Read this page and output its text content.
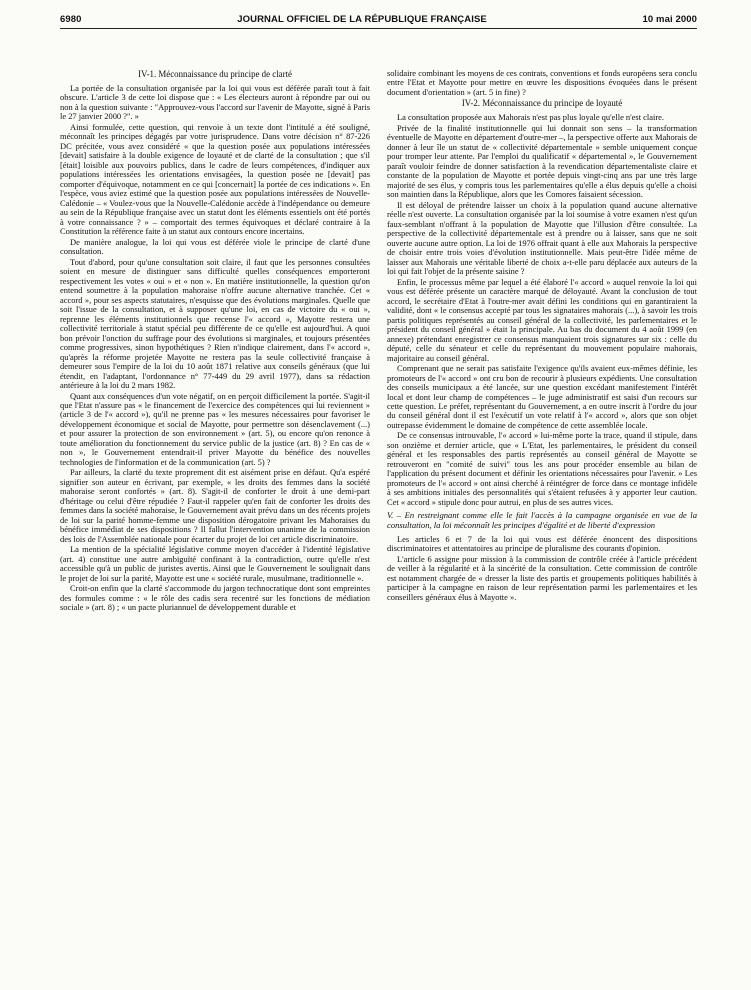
6980	JOURNAL OFFICIEL DE LA RÉPUBLIQUE FRANÇAISE	10 mai 2000
IV-1. Méconnaissance du principe de clarté

La portée de la consultation organisée par la loi qui vous est déférée paraît tout à fait obscure. L'article 3 de cette loi dispose que : « Les électeurs auront à répondre par oui ou non à la question suivante : "Approuvez-vous l'accord sur l'avenir de Mayotte, signé à Paris le 27 janvier 2000 ?". »

Ainsi formulée, cette question, qui renvoie à un texte dont l'intitulé a été souligné, méconnaît les principes dégagés par votre jurisprudence. Dans votre décision n° 87-226 DC précitée, vous avez considéré « que la question posée aux populations intéressées [devait] satisfaire à la double exigence de loyauté et de clarté de la consultation ; que s'il [était] loisible aux pouvoirs publics, dans le cadre de leurs compétences, d'indiquer aux populations intéressées les orientations envisagées, la question posée ne [devait] pas comporter d'équivoque, notamment en ce qui [concernait] la portée de ces indications ». En l'espèce, vous aviez estimé que la question posée aux populations intéressées de Nouvelle-Calédonie – « Voulez-vous que la Nouvelle-Calédonie accède à l'indépendance ou demeure au sein de la République française avec un statut dont les éléments essentiels ont été portés à votre connaissance ? » – comportait des termes équivoques et déclaré contraire à la Constitution la référence faite à un statut aux contours encore incertains.

De manière analogue, la loi qui vous est déférée viole le principe de clarté d'une consultation.

Tout d'abord, pour qu'une consultation soit claire, il faut que les personnes consultées soient en mesure de distinguer sans difficulté quelles conséquences emporteront respectivement les votes « oui » et « non ». En matière institutionnelle, la question qu'on entend soumettre à la population mahoraise n'offre aucune alternative tranchée. Cet « accord », pour ses aspects statutaires, n'esquisse que des évolutions marginales. Quelle que soit l'issue de la consultation, et à supposer qu'une loi, en cas de victoire du « oui », reprenne les éléments institutionnels que recense l'« accord », Mayotte restera une collectivité territoriale à statut spécial peu différente de ce qu'elle est aujourd'hui. A quoi bon prévoir l'onction du suffrage pour des évolutions si marginales, et toujours présentées comme progressives, sinon hypothétiques ? Rien n'indique clairement, dans l'« accord », qu'après la réforme projetée Mayotte ne restera pas la seule collectivité française à demeurer sous l'empire de la loi du 10 août 1871 relative aux conseils généraux (que lui étendit, en l'adaptant, l'ordonnance n° 77-449 du 29 avril 1977), dans sa rédaction antérieure à la loi du 2 mars 1982.

Quant aux conséquences d'un vote négatif, on en perçoit difficilement la portée. S'agit-il que l'Etat n'assure pas « le financement de l'exercice des compétences qui lui reviennent » (article 3 de l'« accord »), qu'il ne prenne pas « les mesures nécessaires pour favoriser le développement économique et social de Mayotte, pour permettre son désenclavement (...) et pour assurer la protection de son environnement » (art. 5), ou encore qu'on renonce à toute amélioration du fonctionnement du service public de la justice (art. 8) ? En cas de « non », le Gouvernement entendrait-il priver Mayotte du bénéfice des nouvelles technologies de l'information et de la communication (art. 5) ?

Par ailleurs, la clarté du texte proprement dit est aisément prise en défaut. Qu'a espéré signifier son auteur en écrivant, par exemple, « les droits des femmes dans la société mahoraise seront confortés » (art. 8). S'agit-il de conforter le droit à une demi-part d'héritage ou celui d'être répudiée ? Faut-il rappeler qu'en fait de conforter les droits des femmes dans la société mahoraise, le Gouvernement avait prévu dans un des récents projets de loi sur la parité homme-femme une disposition dérogatoire privant les Mahoraises du bénéfice immédiat de ses dispositions ? Il fallut l'intervention unanime de la commission des lois de l'Assemblée nationale pour écarter du projet de loi cet article discriminatoire.

La mention de la spécialité législative comme moyen d'accéder à l'identité législative (art. 4) constitue une autre ambiguïté confinant à la contradiction, outre qu'elle n'est accessible qu'à un public de juristes avertis. Ainsi que le Gouvernement le soulignait dans le projet de loi sur la parité, Mayotte est une « société rurale, musulmane, traditionnelle ».

Croit-on enfin que la clarté s'accommode du jargon technocratique dont sont empreintes des formules comme : « le rôle des cadis sera recentré sur les fonctions de médiation sociale » (art. 8) ; « un pacte pluriannuel de développement durable et

solidaire combinant les moyens de ces contrats, conventions et fonds européens sera conclu entre l'Etat et Mayotte pour mettre en œuvre les dispositions évoquées dans le présent document d'orientation » (art. 5 in fine) ?

IV-2. Méconnaissance du principe de loyauté

La consultation proposée aux Mahorais n'est pas plus loyale qu'elle n'est claire.

Privée de la finalité institutionnelle qui lui donnait son sens – la transformation éventuelle de Mayotte en département d'outre-mer –, la perspective offerte aux Mahorais de donner à leur île un statut de « collectivité départementale » semble uniquement conçue pour tromper leur attente. Par l'emploi du qualificatif « départemental », le Gouvernement paraît vouloir feindre de donner satisfaction à la revendication départementaliste claire et constante de la population de Mayotte et portée depuis vingt-cinq ans par une très large majorité de ses élus, y compris tous les parlementaires qu'elle a élus depuis qu'elle a choisi son maintien dans la République, alors que les Comores faisaient sécession.

Il est déloyal de prétendre laisser un choix à la population quand aucune alternative réelle n'est ouverte. La consultation organisée par la loi soumise à votre examen n'est qu'un faux-semblant n'offrant à la population de Mayotte que l'illusion d'être consultée. La perspective de la collectivité départementale est à prendre ou à laisser, sans que ne soit ouverte aucune autre option. La loi de 1976 offrait quant à elle aux Mahorais la perspective de choisir entre trois voies d'évolution institutionnelle. Mais peut-être l'idée même de laisser aux Mahorais une véritable liberté de choix a-t-elle paru déplacée aux auteurs de la loi qui fait l'objet de la présente saisine ?

Enfin, le processus même par lequel a été élaboré l'« accord » auquel renvoie la loi qui vous est déférée présente un caractère marqué de déloyauté. Avant la conclusion de tout accord, le secrétaire d'Etat à l'outre-mer avait défini les conditions qui en garantiraient la validité, dont « le consensus accepté par tous les signataires mahorais (...), à savoir les trois partis politiques représentés au conseil général de la collectivité, les parlementaires et le président du conseil général » était la principale. Au bas du document du 4 août 1999 (en annexe) prétendant enregistrer ce consensus manquaient trois signatures sur six : celle du député, celle du sénateur et celle du représentant du mouvement populaire mahorais, majoritaire au conseil général.

Comprenant que ne serait pas satisfaite l'exigence qu'ils avaient eux-mêmes définie, les promoteurs de l'« accord » ont cru bon de recourir à plusieurs expédients. Une consultation des conseils municipaux a été lancée, sur une question excédant manifestement l'intérêt local et dont leur champ de compétences – le juge administratif est saisi d'un recours sur cette question. Le préfet, représentant du Gouvernement, a en outre inscrit à l'ordre du jour du conseil général dont il est l'exécutif un vote relatif à l'« accord », alors que son objet outrepasse évidemment le domaine de compétence de cette assemblée locale.

De ce consensus introuvable, l'« accord » lui-même porte la trace, quand il stipule, dans son onzième et dernier article, que « L'Etat, les parlementaires, le président du conseil général et les responsables des partis représentés au conseil général de Mayotte se retrouveront en "comité de suivi" tous les ans pour procéder ensemble au bilan de l'application du présent document et définir les orientations nécessaires pour l'avenir. » Les promoteurs de l'« accord » ont ainsi cherché à réintégrer de force dans ce montage infidèle à ses ambitions initiales des personnalités qui s'étaient refusées à y apporter leur caution. Cet « accord » stipule donc pour autrui, en plus de ses autres vices.

V. – En restreignant comme elle le fait l'accès à la campagne organisée en vue de la consultation, la loi méconnaît les principes d'égalité et de liberté d'expression

Les articles 6 et 7 de la loi qui vous est déférée énoncent des dispositions discriminatoires et attentatoires au principe de pluralisme des courants d'opinion.

L'article 6 assigne pour mission à la commission de contrôle créée à l'article précédent de veiller à la régularité et à la sincérité de la consultation. Cette commission de contrôle est notamment chargée de « dresser la liste des partis et groupements politiques habilités à participer à la campagne en raison de leur représentation parmi les parlementaires et les conseillers généraux élus à Mayotte ».
